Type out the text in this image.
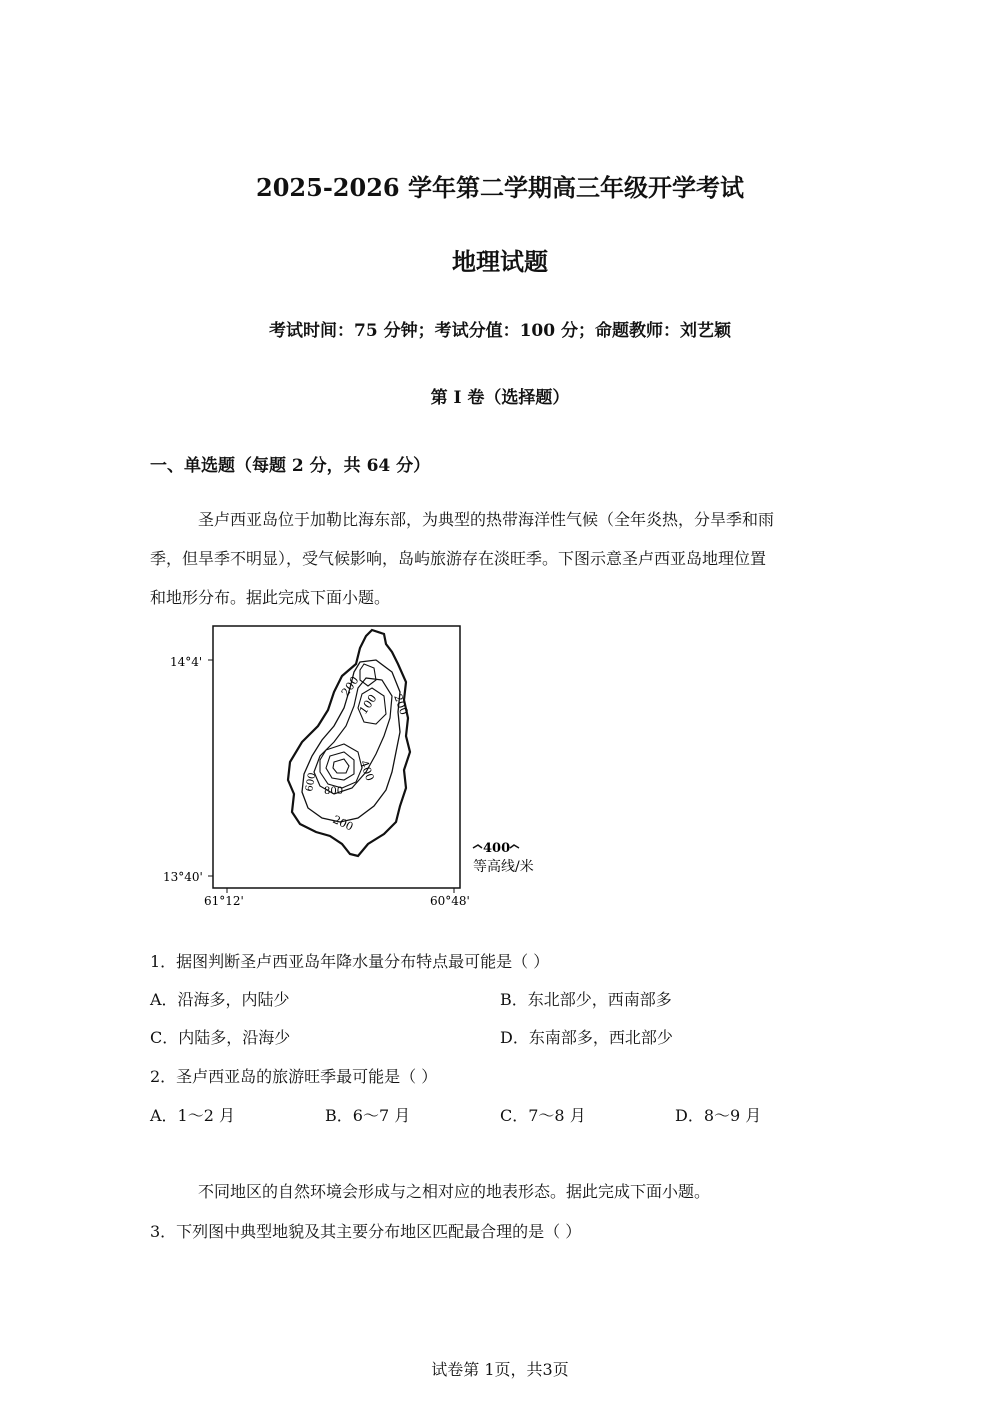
2025-2026 学年第二学期高三年级开学考试
地理试题
考试时间：75 分钟；考试分值：100 分；命题教师：刘艺颖
第 I 卷（选择题）
一、单选题（每题 2 分，共 64 分）
圣卢西亚岛位于加勒比海东部，为典型的热带海洋性气候（全年炎热，分旱季和雨
季，但旱季不明显），受气候影响，岛屿旅游存在淡旺季。下图示意圣卢西亚岛地理位置
和地形分布。据此完成下面小题。
14°4'
13°40'
61°12'	60°48'
200
100 200
400
600 800
200
400
等高线/米
1．据图判断圣卢西亚岛年降水量分布特点最可能是（ ）
A．沿海多，内陆少	B．东北部少，西南部多
C．内陆多，沿海少	D．东南部多，西北部少
2．圣卢西亚岛的旅游旺季最可能是（ ）
A．1～2 月	B．6～7 月	C．7～8 月	D．8～9 月
不同地区的自然环境会形成与之相对应的地表形态。据此完成下面小题。
3．下列图中典型地貌及其主要分布地区匹配最合理的是（ ）
试卷第 1页，共3页
